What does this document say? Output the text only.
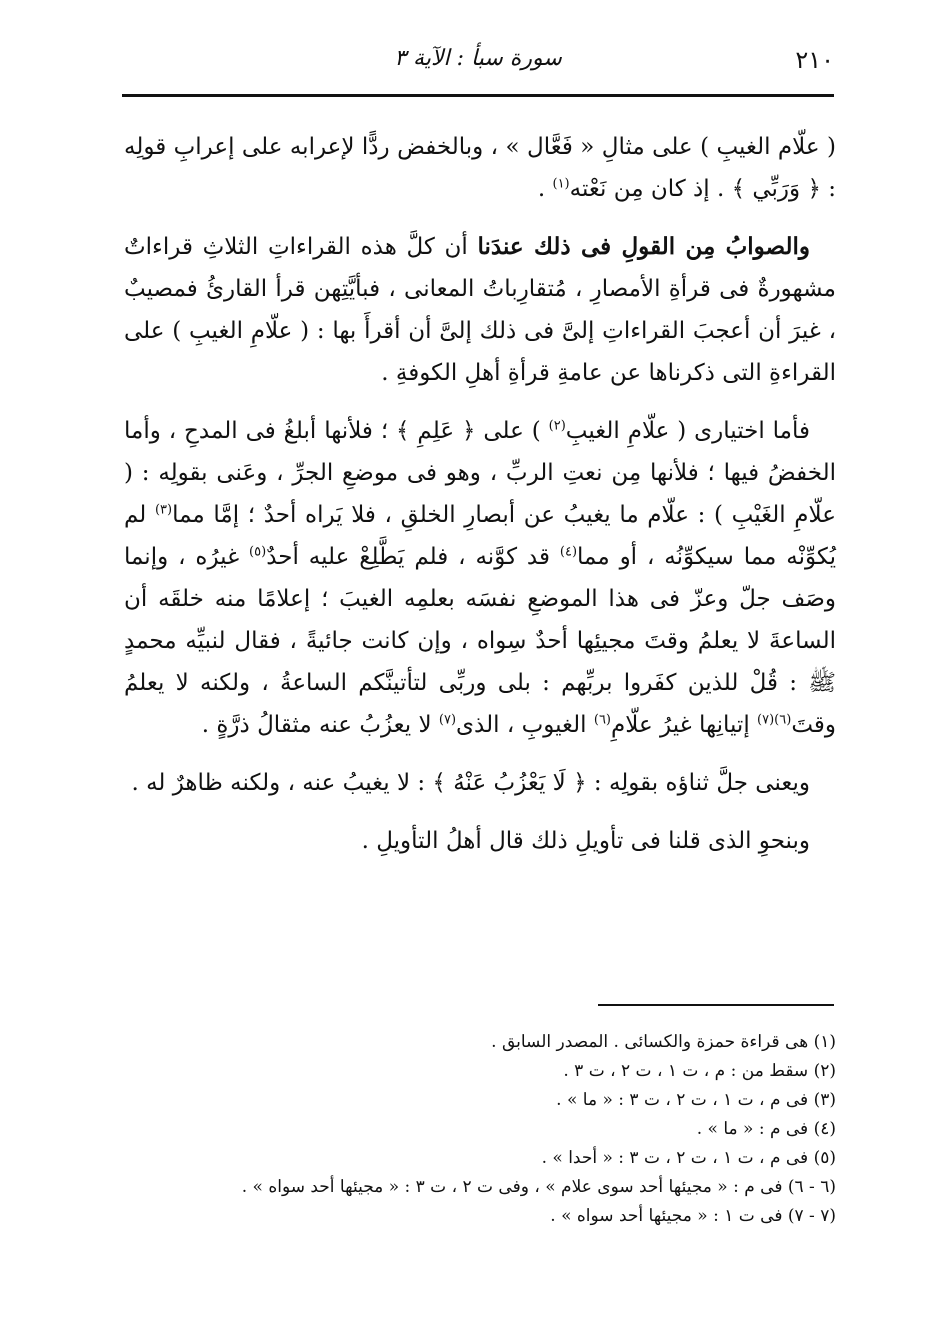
٢١٠
سورة سبأ : الآية ٣

( علّام الغيبِ ) على مثالِ « فَعَّال » ، وبالخفض ردًّا لإعرابه على إعرابِ قولِه : ﴿ وَرَبِّي ﴾ . إذ كان مِن نَعْته$^{(١)}$ .

والصوابُ مِن القولِ فى ذلك عندَنا أن كلَّ هذه القراءاتِ الثلاثِ قراءاتٌ مشهورةٌ فى قرأةِ الأمصارِ ، مُتقارِباتُ المعانى ، فبأيَّتِهن قرأ القارئُ فمصيبٌ ، غيرَ أن أعجبَ القراءاتِ إلىَّ فى ذلك إلىَّ أن أقرأَ بها : ( علّامِ الغيبِ ) على القراءةِ التى ذكرناها عن عامةِ قرأةِ أهلِ الكوفةِ .

فأما اختيارى ( علّامِ الغيبِ$^{(٢)}$ ) على ﴿ عَلِمِ ﴾ ؛ فلأنها أبلغُ فى المدحِ ، وأما الخفضُ فيها ؛ فلأنها مِن نعتِ الربِّ ، وهو فى موضعِ الجرِّ ، وعَنى بقولِه : ( علّامِ الغَيْبِ ) : علّام ما يغيبُ عن أبصارِ الخلقِ ، فلا يَراه أحدٌ ؛ إمَّا مما$^{(٣)}$ لم يُكوِّنْه مما سيكوِّنُه ، أو مما$^{(٤)}$ قد كوَّنه ، فلم يَطَّلِعْ عليه أحدٌ$^{(٥)}$ غيرُه ، وإنما وصَف جلّ وعزّ فى هذا الموضعِ نفسَه بعلمِه الغيبَ ؛ إعلامًا منه خلقَه أن الساعةَ لا يعلمُ وقتَ مجيئِها أحدٌ سِواه ، وإن كانت جائيةً ، فقال لنبيِّه محمدٍ ﷺ : قُلْ للذين كفَروا بربِّهم : بلى وربِّى لتأتينَّكم الساعةُ ، ولكنه لا يعلمُ وقتَ$^{(٦)(٧)}$ إتيانِها غيرُ علّامِ$^{(٦)}$ الغيوبِ ، الذى$^{(٧)}$ لا يعزُبُ عنه مثقالُ ذرَّةٍ .

ويعنى جلَّ ثناؤه بقولِه : ﴿ لَا يَعْزُبُ عَنْهُ ﴾ : لا يغيبُ عنه ، ولكنه ظاهرٌ له .

وبنحوِ الذى قلنا فى تأويلِ ذلك قال أهلُ التأويلِ .

(١) هى قراءة حمزة والكسائى . المصدر السابق .
(٢) سقط من : م ، ت ١ ، ت ٢ ، ت ٣ .
(٣) فى م ، ت ١ ، ت ٢ ، ت ٣ : « ما » .
(٤) فى م : « ما » .
(٥) فى م ، ت ١ ، ت ٢ ، ت ٣ : « أحدا » .
(٦ - ٦) فى م : « مجيئها أحد سوى علام » ، وفى ت ٢ ، ت ٣ : « مجيئها أحد سواه » .
(٧ - ٧) فى ت ١ : « مجيئها أحد سواه » .
